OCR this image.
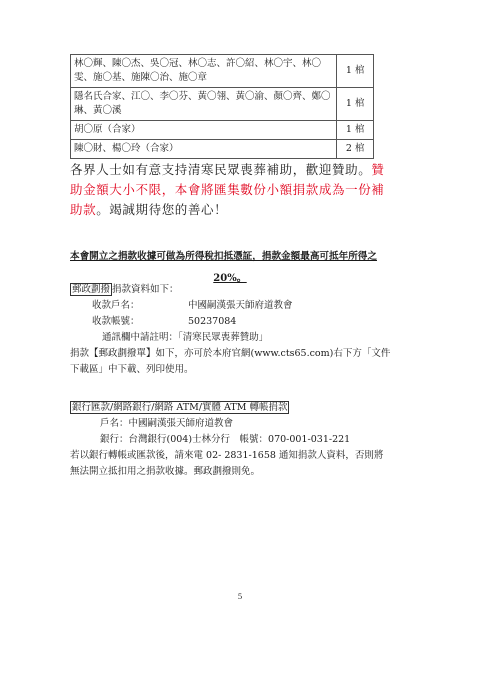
林〇輝、陳〇杰、吳〇冠、林〇志、許〇紹、林〇宇、林〇雯、施〇基、施陳〇治、施〇章	1 棺
隱名氏合家、江〇、李〇芬、黃〇翎、黃〇渝、顏〇齊、鄭〇琳、黃〇溪	1 棺
胡〇原（合家）	1 棺
陳〇財、楊〇玲（合家）	2 棺
各界人士如有意支持清寒民眾喪葬補助，歡迎贊助。贊助金額大小不限，本會將匯集數份小額捐款成為一份補助款。竭誠期待您的善心！
本會開立之捐款收據可做為所得稅扣抵憑証，捐款金額最高可抵年所得之
20%。
郵政劃撥 捐款資料如下：
收款戶名：	中國嗣漢張天師府道教會
收款帳號：	50237084
通訊欄中請註明：「清寒民眾喪葬贊助」
捐款【郵政劃撥單】如下，亦可於本府官網(www.cts65.com)右下方「文件
下載區」中下載、列印使用。
銀行匯款/網路銀行/網路 ATM/實體 ATM 轉帳捐款
戶名：中國嗣漢張天師府道教會
銀行：台灣銀行(004)士林分行　帳號：070-001-031-221
若以銀行轉帳或匯款後，請來電 02- 2831-1658 通知捐款人資料，否則將
無法開立抵扣用之捐款收據。郵政劃撥則免。
5
